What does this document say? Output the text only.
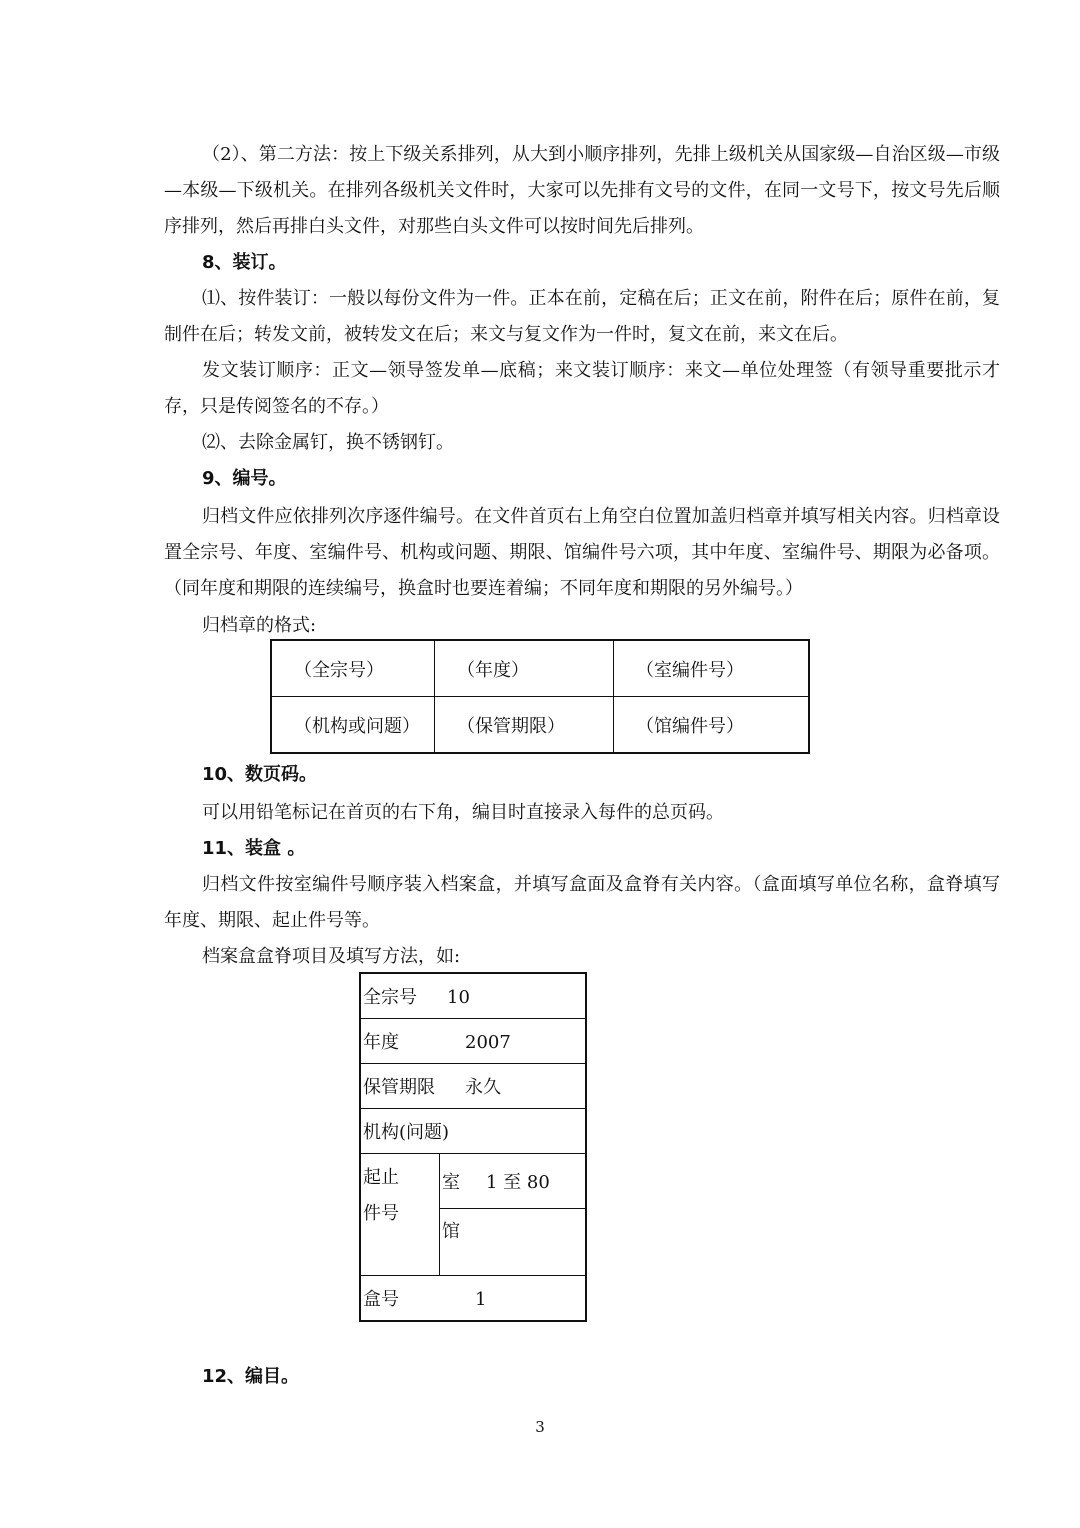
（2）、第二方法：按上下级关系排列，从大到小顺序排列，先排上级机关从国家级—自治区级—市级—本级—下级机关。在排列各级机关文件时，大家可以先排有文号的文件，在同一文号下，按文号先后顺序排列，然后再排白头文件，对那些白头文件可以按时间先后排列。

8、装订。

⑴、按件装订：一般以每份文件为一件。正本在前，定稿在后；正文在前，附件在后；原件在前，复制件在后；转发文前，被转发文在后；来文与复文作为一件时，复文在前，来文在后。

发文装订顺序：正文—领导签发单—底稿；来文装订顺序：来文—单位处理签（有领导重要批示才存，只是传阅签名的不存。）

⑵、去除金属钉，换不锈钢钉。

9、编号。

归档文件应依排列次序逐件编号。在文件首页右上角空白位置加盖归档章并填写相关内容。归档章设置全宗号、年度、室编件号、机构或问题、期限、馆编件号六项，其中年度、室编件号、期限为必备项。（同年度和期限的连续编号，换盒时也要连着编；不同年度和期限的另外编号。）

归档章的格式:

（全宗号）	（年度）	（室编件号）
（机构或问题）	（保管期限）	（馆编件号）

10、数页码。

可以用铅笔标记在首页的右下角，编目时直接录入每件的总页码。

11、装盒 。

归档文件按室编件号顺序装入档案盒，并填写盒面及盒脊有关内容。（盒面填写单位名称，盒脊填写年度、期限、起止件号等。

档案盒盒脊项目及填写方法，如:

全宗号 10
年度	2007
保管期限 永久
机构(问题)

起止
件号
	室 1 至 80
馆
盒号	1

12、编目。

3
